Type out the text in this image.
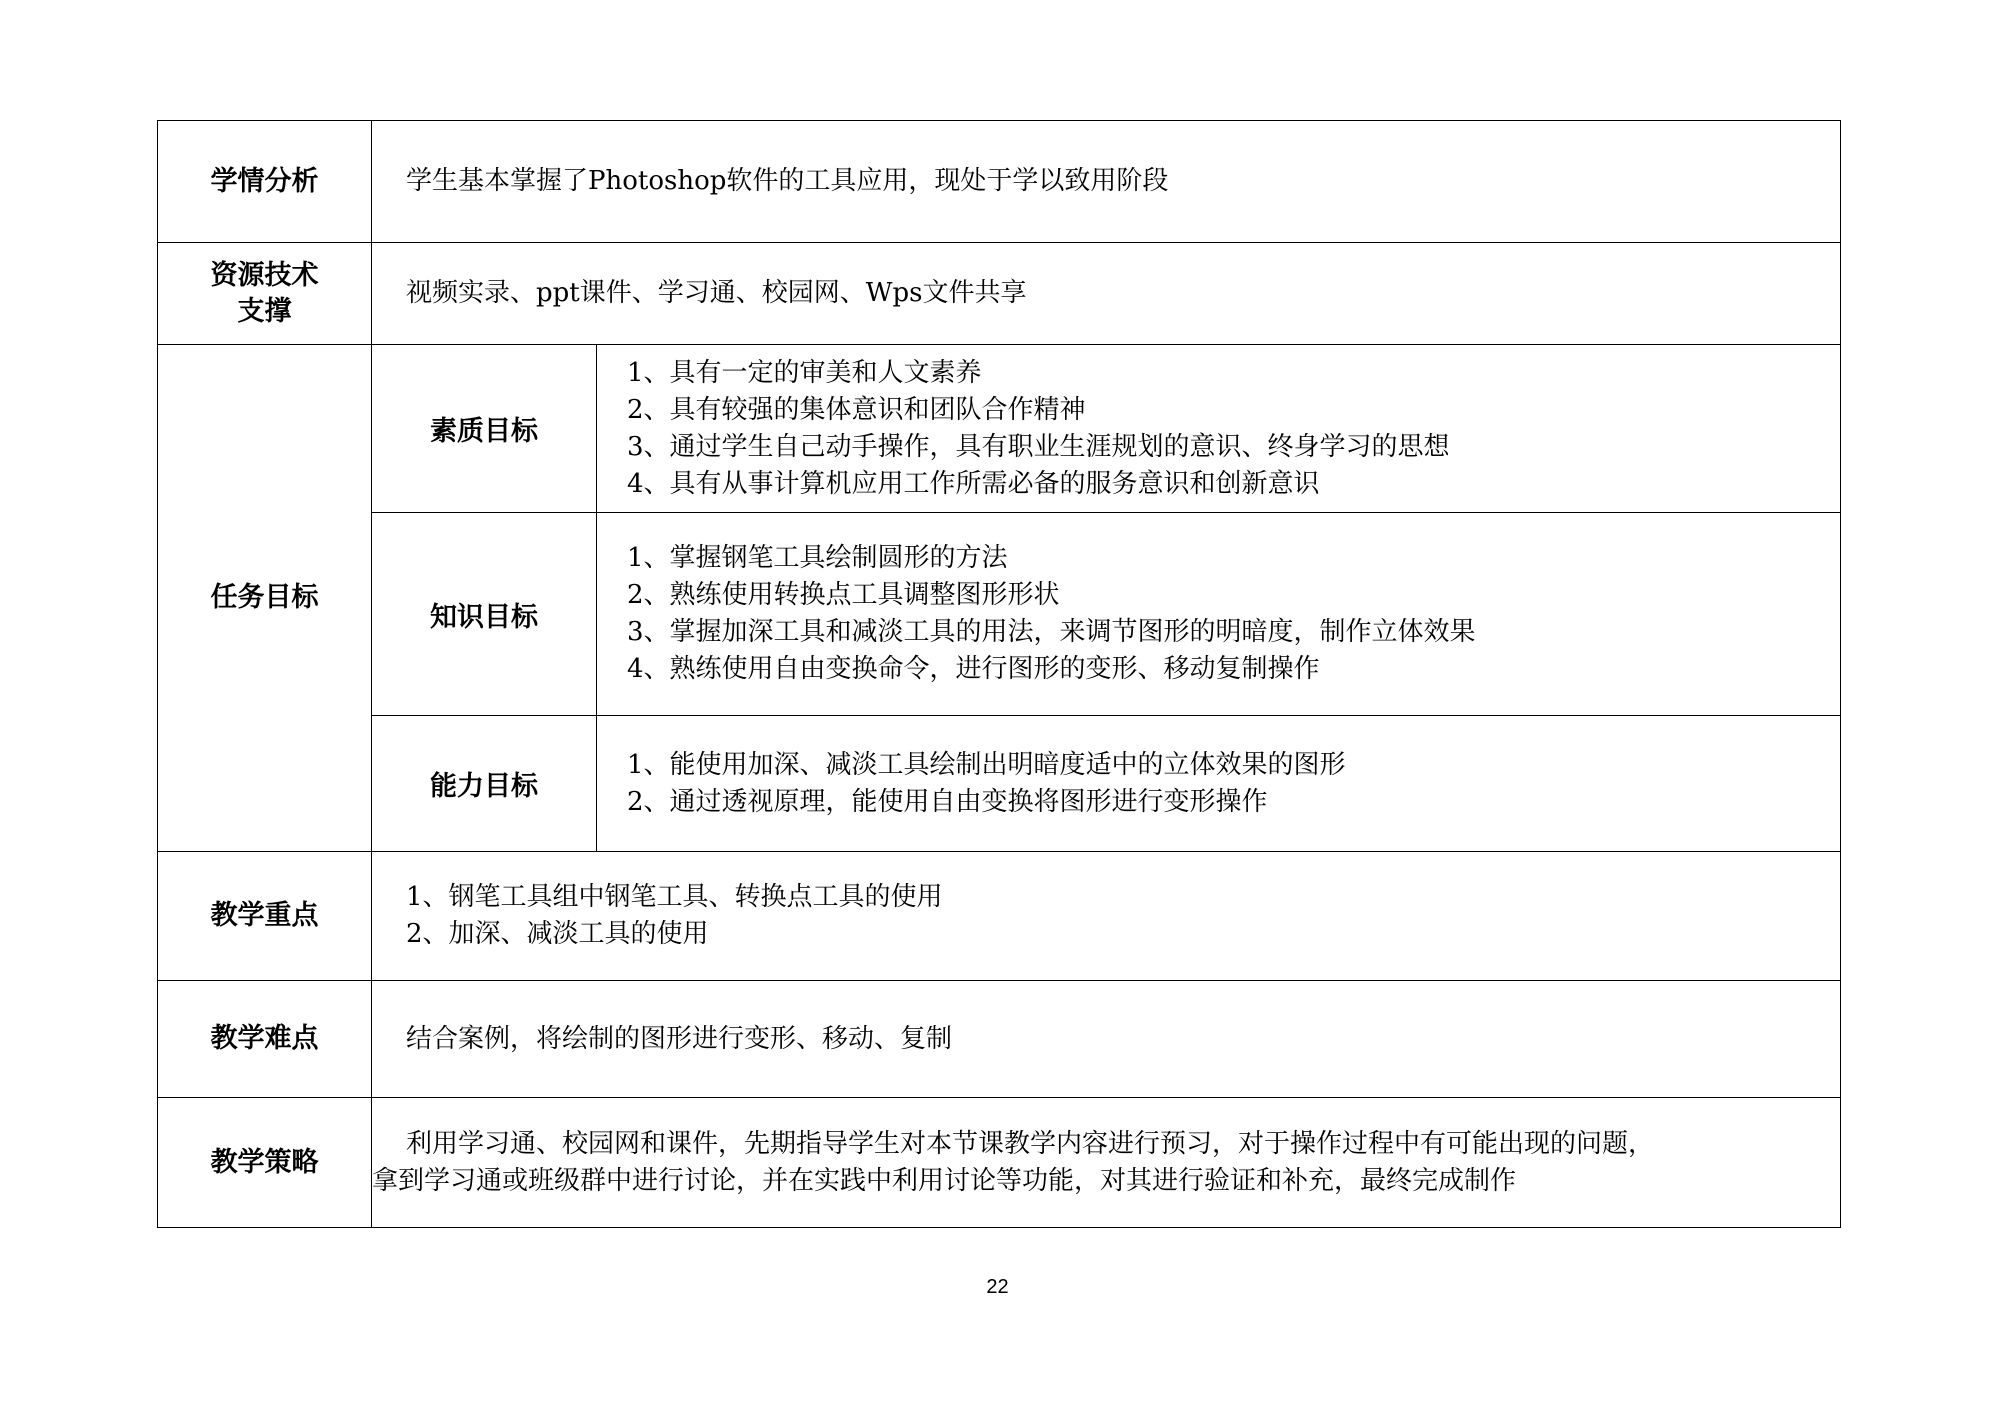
学情分析	学生基本掌握了Photoshop软件的工具应用，现处于学以致用阶段	

资源技术
支撑	视频实录、ppt课件、学习通、校园网、Wps文件共享	
任务目标	素质目标	1、具有一定的审美和人文素养
2、具有较强的集体意识和团队合作精神
3、通过学生自己动手操作，具有职业生涯规划的意识、终身学习的思想
4、具有从事计算机应用工作所需必备的服务意识和创新意识

	知识目标	1、掌握钢笔工具绘制圆形的方法
2、熟练使用转换点工具调整图形形状
3、掌握加深工具和减淡工具的用法，来调节图形的明暗度，制作立体效果
4、熟练使用自由变换命令，进行图形的变形、移动复制操作

	能力目标	1、能使用加深、减淡工具绘制出明暗度适中的立体效果的图形
2、通过透视原理，能使用自由变换将图形进行变形操作

教学重点	1、钢笔工具组中钢笔工具、转换点工具的使用
2、加深、减淡工具的使用	

教学难点	结合案例，将绘制的图形进行变形、移动、复制	
教学策略	利用学习通、校园网和课件，先期指导学生对本节课教学内容进行预习，对于操作过程中有可能出现的问题，
拿到学习通或班级群中进行讨论，并在实践中利用讨论等功能，对其进行验证和补充，最终完成制作	
22
